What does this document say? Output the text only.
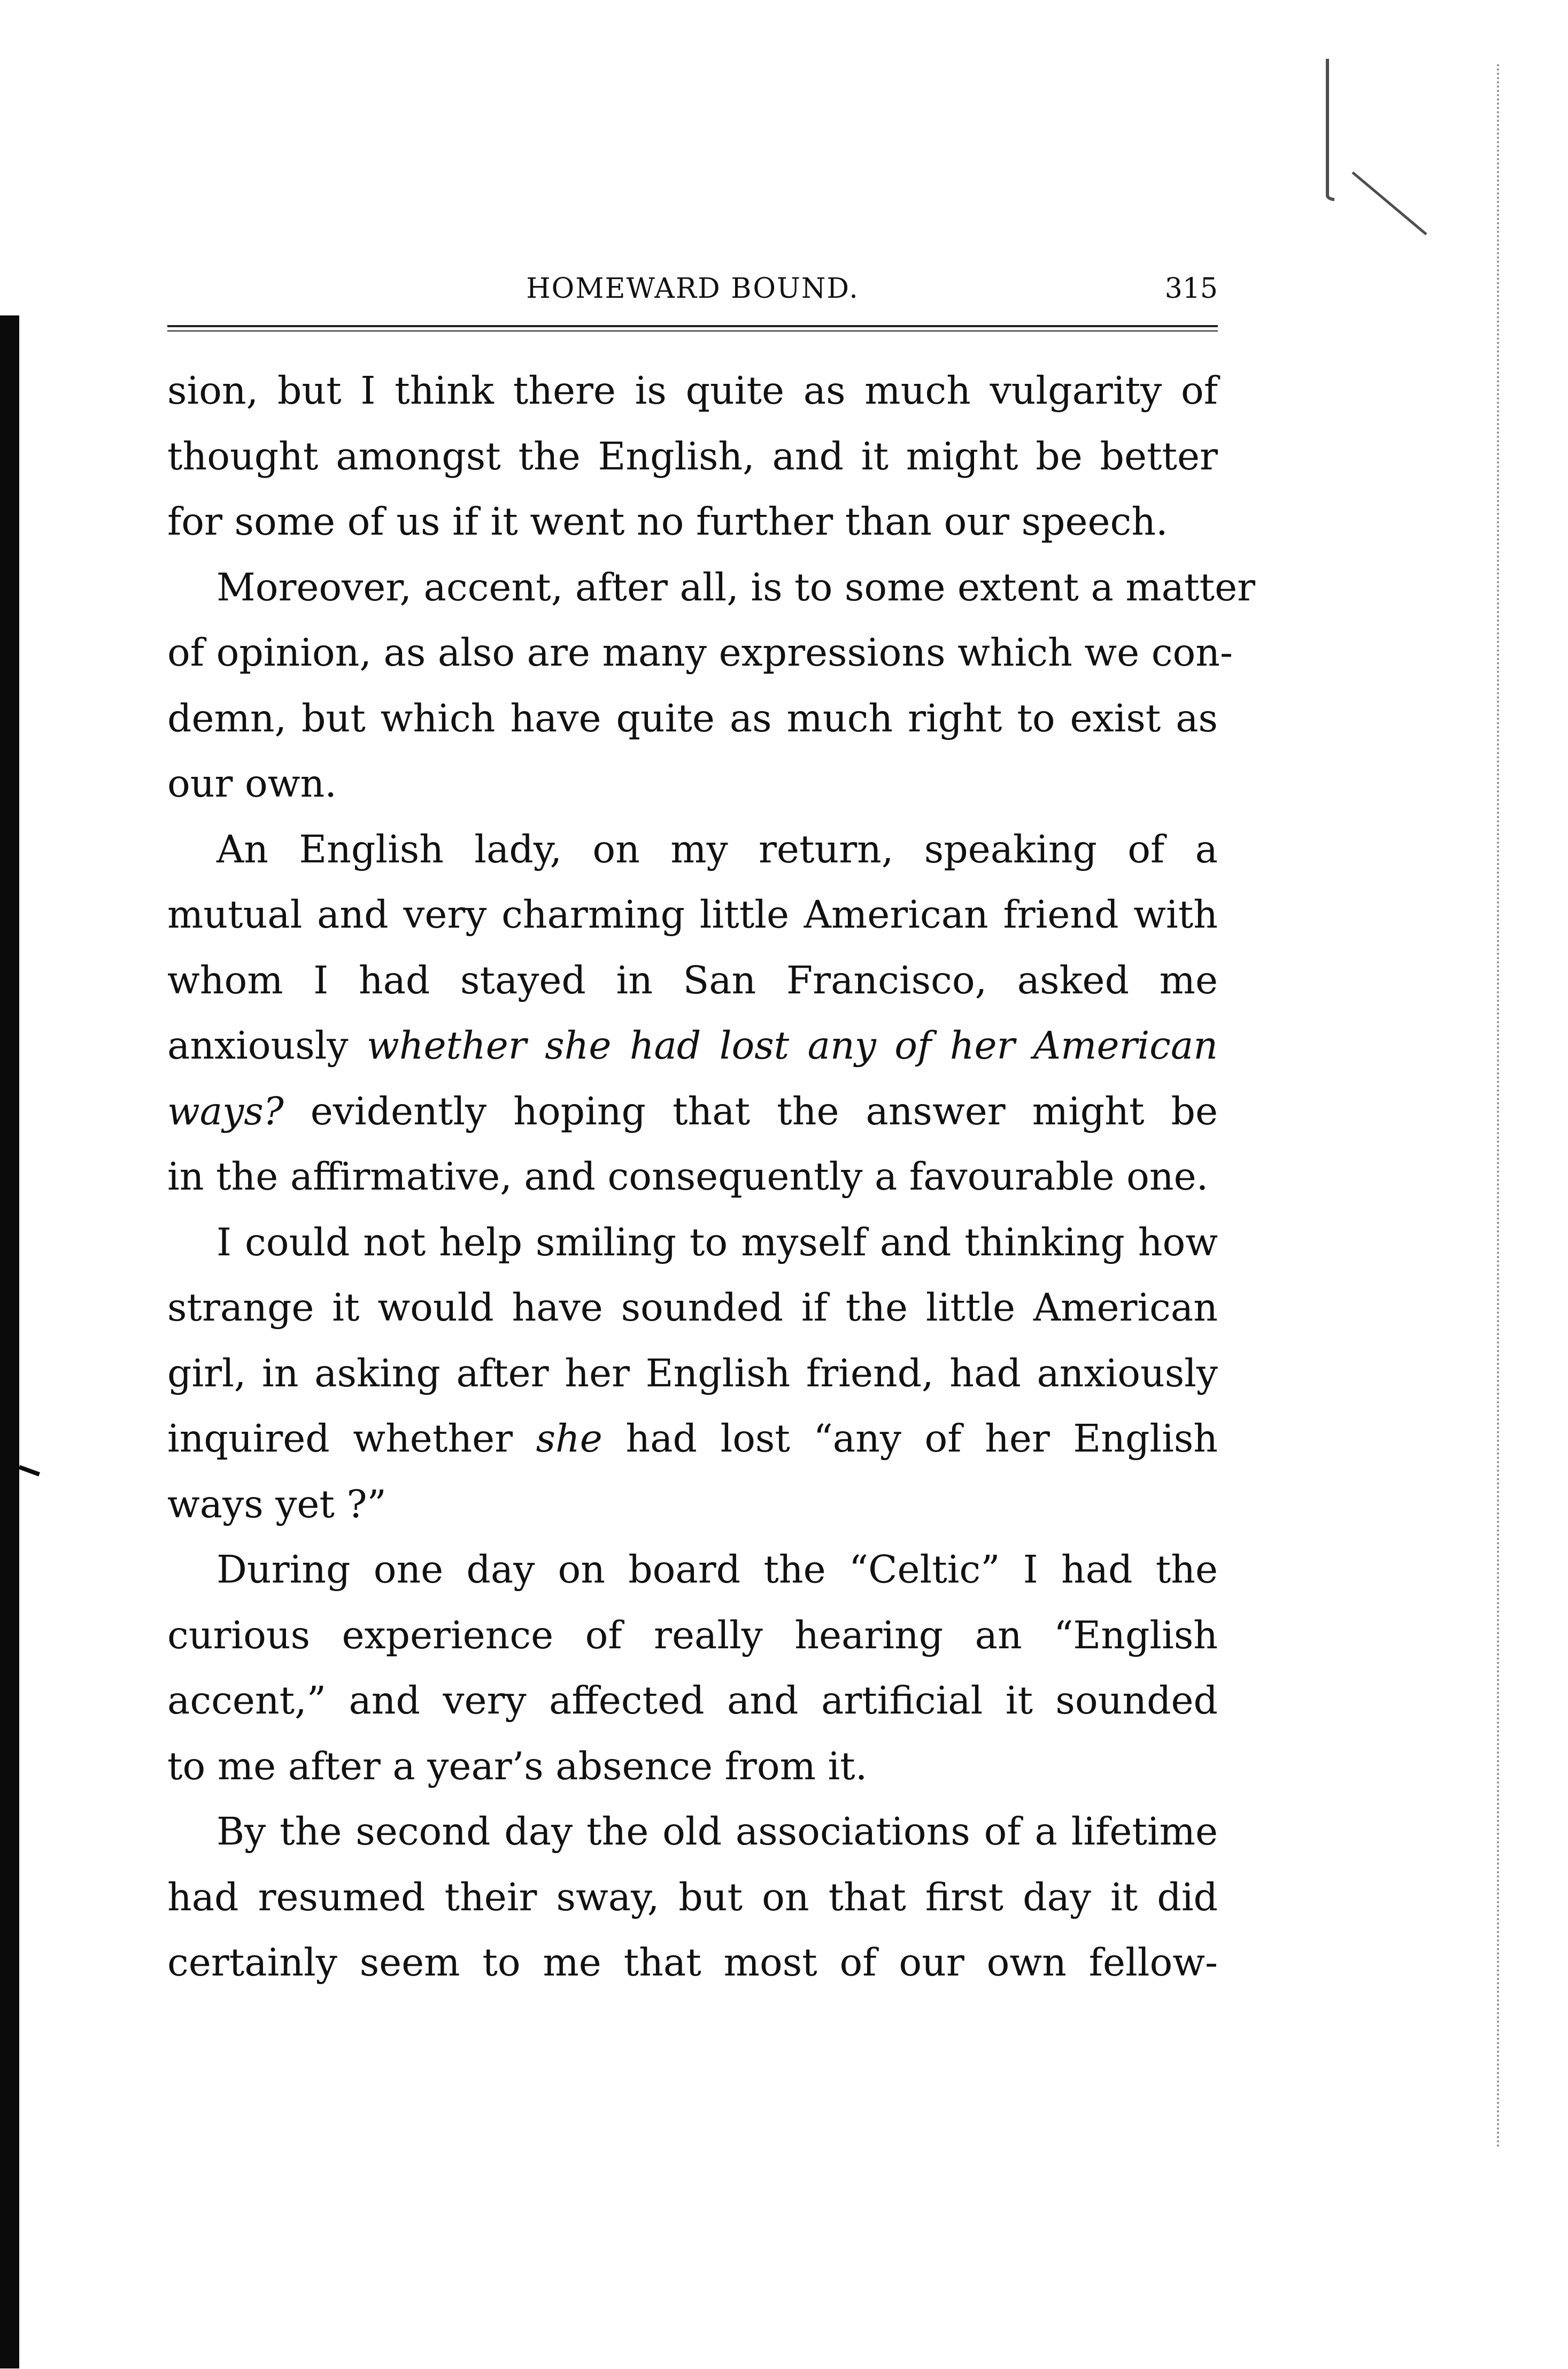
HOMEWARD BOUND.	315
sion, but I think there is quite as much vulgarity of
thought amongst the English, and it might be better
for some of us if it went no further than our speech.
Moreover, accent, after all, is to some extent a matter
of opinion, as also are many expressions which we con-
demn, but which have quite as much right to exist as
our own.
An English lady, on my return, speaking of a
mutual and very charming little American friend with
whom I had stayed in San Francisco, asked me
anxiously whether she had lost any of her American
ways? evidently hoping that the answer might be
in the affirmative, and consequently a favourable one.
I could not help smiling to myself and thinking how
strange it would have sounded if the little American
girl, in asking after her English friend, had anxiously
inquired whether she had lost “any of her English
ways yet ?”
During one day on board the “Celtic” I had the
curious experience of really hearing an “English
accent,” and very affected and artificial it sounded
to me after a year’s absence from it.
By the second day the old associations of a lifetime
had resumed their sway, but on that first day it did
certainly seem to me that most of our own fellow-
